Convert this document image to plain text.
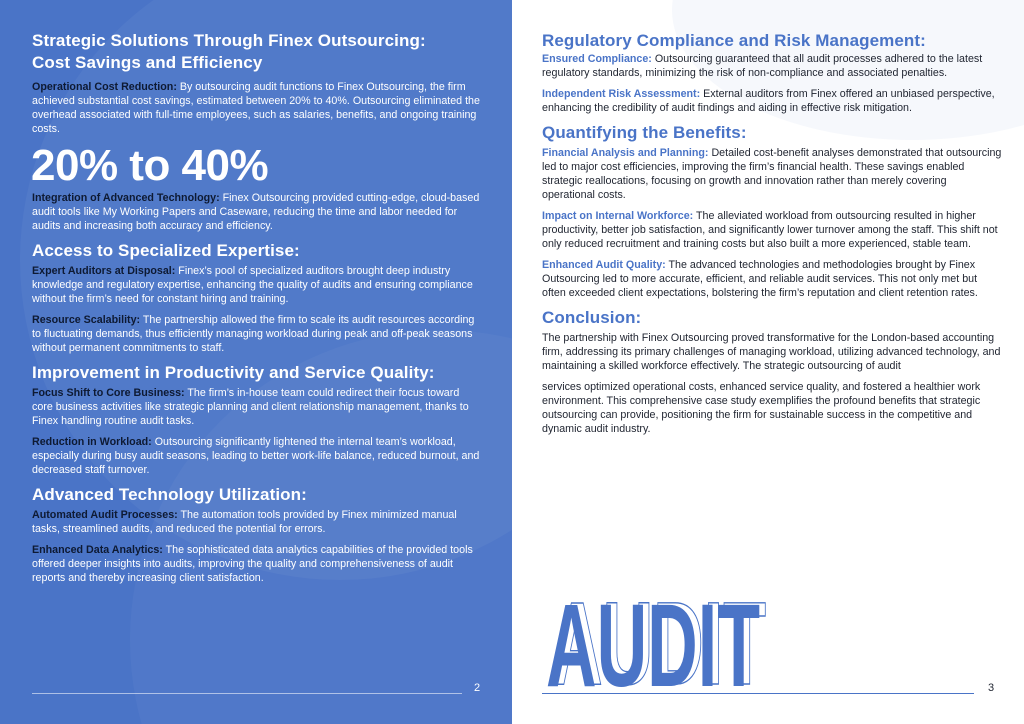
Strategic Solutions Through Finex Outsourcing:
Cost Savings and Efficiency

Operational Cost Reduction: By outsourcing audit functions to Finex Outsourcing, the firm achieved substantial cost savings, estimated between 20% to 40%. Outsourcing eliminated the overhead associated with full-time employees, such as salaries, benefits, and ongoing training costs.

20% to 40%

Integration of Advanced Technology: Finex Outsourcing provided cutting-edge, cloud-based audit tools like My Working Papers and Caseware, reducing the time and labor needed for audits and increasing both accuracy and efficiency.

Access to Specialized Expertise:

Expert Auditors at Disposal: Finex’s pool of specialized auditors brought deep industry knowledge and regulatory expertise, enhancing the quality of audits and ensuring compliance without the firm’s need for constant hiring and training.

Resource Scalability: The partnership allowed the firm to scale its audit resources according to fluctuating demands, thus efficiently managing workload during peak and off-peak seasons without permanent commitments to staff.

Improvement in Productivity and Service Quality:

Focus Shift to Core Business: The firm’s in-house team could redirect their focus toward core business activities like strategic planning and client relationship management, thanks to Finex handling routine audit tasks.

Reduction in Workload: Outsourcing significantly lightened the internal team’s workload, especially during busy audit seasons, leading to better work-life balance, reduced burnout, and decreased staff turnover.

Advanced Technology Utilization:

Automated Audit Processes: The automation tools provided by Finex minimized manual tasks, streamlined audits, and reduced the potential for errors.

Enhanced Data Analytics: The sophisticated data analytics capabilities of the provided tools offered deeper insights into audits, improving the quality and comprehensiveness of audit reports and thereby increasing client satisfaction.

2
Regulatory Compliance and Risk Management:

Ensured Compliance: Outsourcing guaranteed that all audit processes adhered to the latest regulatory standards, minimizing the risk of non-compliance and associated penalties.

Independent Risk Assessment: External auditors from Finex offered an unbiased perspective, enhancing the credibility of audit findings and aiding in effective risk mitigation.

Quantifying the Benefits:

Financial Analysis and Planning: Detailed cost-benefit analyses demonstrated that outsourcing led to major cost efficiencies, improving the firm’s financial health. These savings enabled strategic reallocations, focusing on growth and innovation rather than merely covering operational costs.

Impact on Internal Workforce: The alleviated workload from outsourcing resulted in higher productivity, better job satisfaction, and significantly lower turnover among the staff. This shift not only reduced recruitment and training costs but also built a more experienced, stable team.

Enhanced Audit Quality: The advanced technologies and methodologies brought by Finex Outsourcing led to more accurate, efficient, and reliable audit services. This not only met but often exceeded client expectations, bolstering the firm’s reputation and client retention rates.

Conclusion:

The partnership with Finex Outsourcing proved transformative for the London-based accounting firm, addressing its primary challenges of managing workload, utilizing advanced technology, and maintaining a skilled workforce effectively. The strategic outsourcing of audit

services optimized operational costs, enhanced service quality, and fostered a healthier work environment. This comprehensive case study exemplifies the profound benefits that strategic outsourcing can provide, positioning the firm for sustainable success in the competitive and dynamic audit industry.

AUDIT
AUDIT	3
